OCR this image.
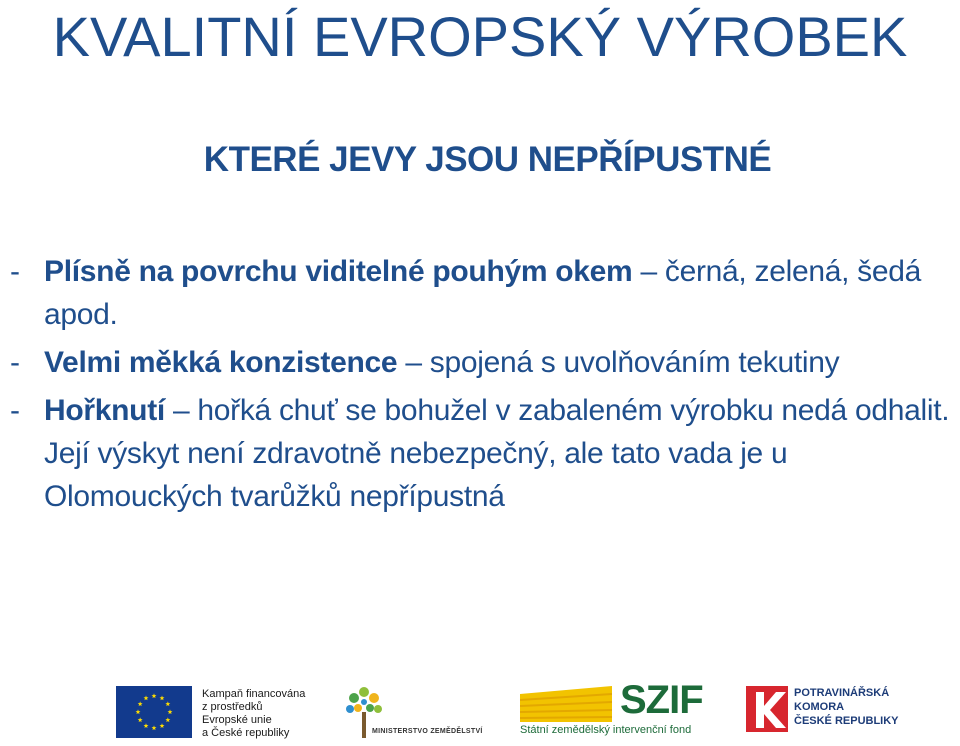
KVALITNÍ EVROPSKÝ VÝROBEK
KTERÉ JEVY JSOU NEPŘÍPUSTNÉ
- Plísně na povrchu viditelné pouhým okem – černá, zelená, šedá apod.
- Velmi měkká konzistence – spojená s uvolňováním tekutiny
- Hořknutí – hořká chuť se bohužel v zabaleném výrobku nedá odhalit. Její výskyt není zdravotně nebezpečný, ale tato vada je u Olomouckých tvarůžků nepřípustná
Kampaň financována
z prostředků
Evropské unie
a České republiky	MINISTERSTVO ZEMĚDĚLSTVÍ
SZIF
Státní zemědělský intervenční fond
POTRAVINÁŘSKÁ
KOMORA
ČESKÉ REPUBLIKY
